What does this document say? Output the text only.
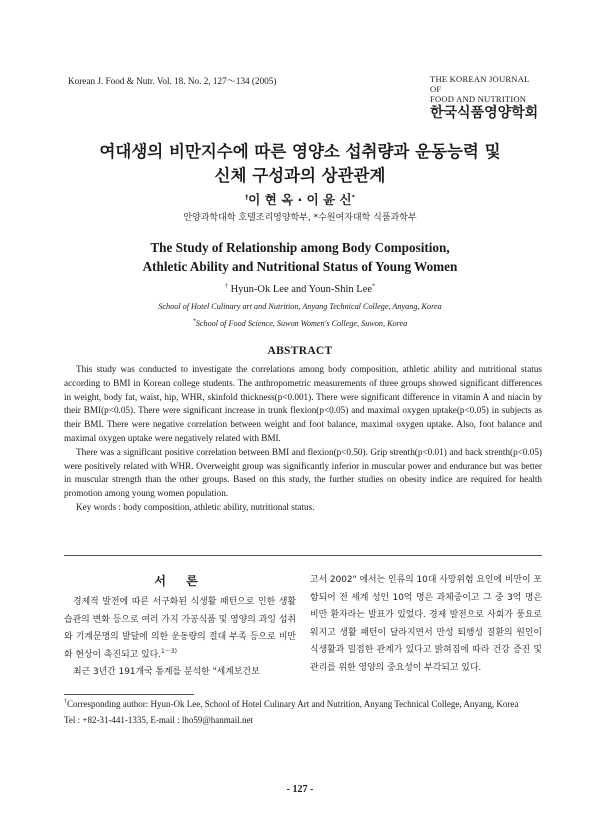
Korean J. Food & Nutr. Vol. 18. No. 2, 127～134 (2005)	THE KOREAN JOURNAL OF
FOOD AND NUTRITION
한국식품영양학회
여대생의 비만지수에 따른 영양소 섭취량과 운동능력 및
신체 구성과의 상관관계
†이 현 옥 · 이 윤 신*
안양과학대학 호텔조리영양학부, *수원여자대학 식품과학부
The Study of Relationship among Body Composition,
Athletic Ability and Nutritional Status of Young Women
† Hyun-Ok Lee and Youn-Shin Lee*
School of Hotel Culinary art and Nutrition, Anyang Technical College, Anyang, Korea
*School of Food Science, Suwon Women's College, Suwon, Korea
ABSTRACT

This study was conducted to investigate the correlations among body composition, athletic ability and nutritional status according to BMI in Korean college students. The anthropometric measurements of three groups showed significant differences in weight, body fat, waist, hip, WHR, skinfold thickness(p<0.001). There were significant difference in vitamin A and niacin by their BMI(p<0.05). There were significant increase in trunk flexion(p<0.05) and maximal oxygen uptake(p<0.05) in subjects as their BMI. There were negative correlation between weight and foot balance, maximal oxygen uptake. Also, foot balance and maximal oxygen uptake were negatively related with BMI.

There was a significant positive correlation between BMI and flexion(p<0.50). Grip strenth(p<0.01) and back strenth(p<0.05) were positively related with WHR. Overweight group was significantly inferior in muscular power and endurance but was better in muscular strength than the other groups. Based on this study, the further studies on obesity indice are required for health promotion among young women population.

Key words : body composition, athletic ability, nutritional status.

서 론

경제적 발전에 따른 서구화된 식생활 패턴으로 인한 생활습관의 변화 등으로 여러 가지 가공식품 및 영양의 과잉 섭취와 기계문명의 발달에 의한 운동량의 절대 부족 등으로 비만화 현상이 촉진되고 있다.$^{1\sim 3)}$

최근 3년간 191개국 통계를 분석한 "세계보건보

고서 2002" 에서는 인류의 10대 사망위험 요인에 비만이 포함되어 전 세계 성인 10억 명은 과체중이고 그 중 3억 명은 비만 환자라는 발표가 있었다. 경제 발전으로 사회가 풍요로워지고 생활 패턴이 달라지면서 만성 퇴행성 질환의 원인이 식생활과 밀접한 관계가 있다고 밝혀짐에 따라 건강 증진 및 관리를 위한 영양의 중요성이 부각되고 있다.

†Corresponding author: Hyun-Ok Lee, School of Hotel Culinary Art and Nutrition, Anyang Technical College, Anyang, Korea
Tel : +82-31-441-1335, E-mail : lho59@hanmail.net
- 127 -
